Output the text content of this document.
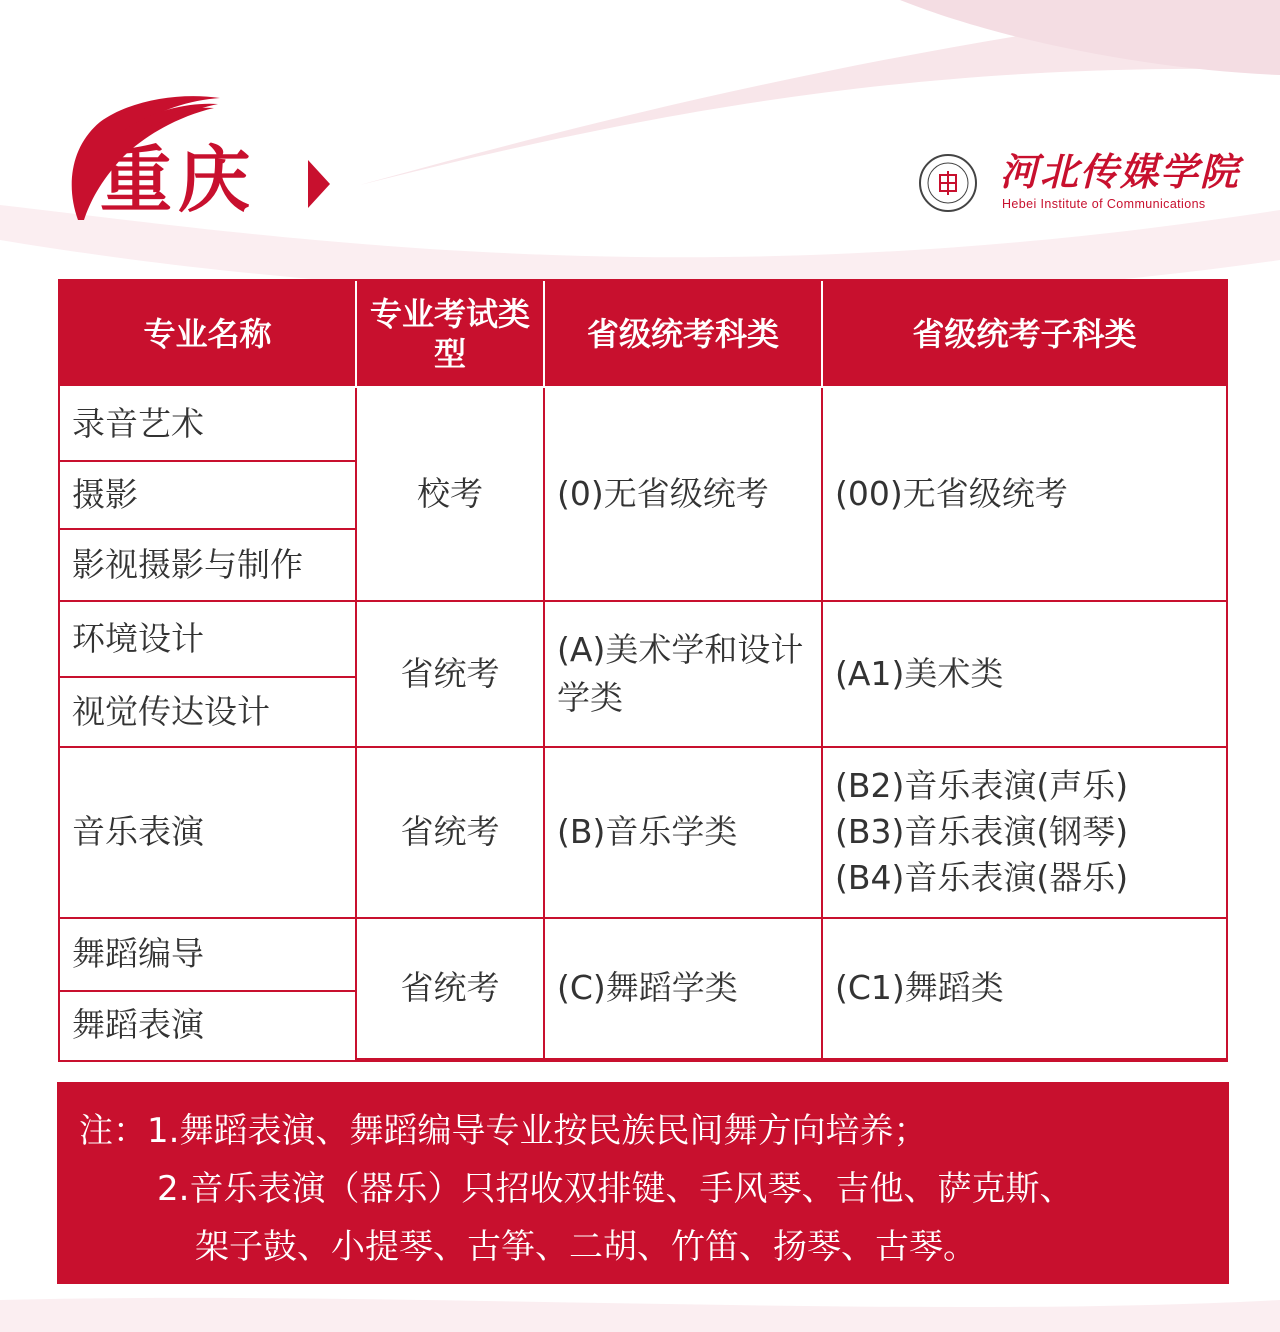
重庆	河北传媒学院
Hebei Institute of Communications
专业名称	专业考试类型	省级统考科类	省级统考子科类
录音艺术	校考	(0)无省级统考	(00)无省级统考
摄影			
影视摄影与制作			
环境设计	省统考	(A)美术学和设计学类	(A1)美术类
视觉传达设计			
音乐表演	省统考	(B)音乐学类	(B2)音乐表演(声乐)
(B3)音乐表演(钢琴)
(B4)音乐表演(器乐)

舞蹈编导	省统考	(C)舞蹈学类	(C1)舞蹈类
舞蹈表演			
注：1.舞蹈表演、舞蹈编导专业按民族民间舞方向培养；
2.音乐表演（器乐）只招收双排键、手风琴、吉他、萨克斯、
架子鼓、小提琴、古筝、二胡、竹笛、扬琴、古琴。
